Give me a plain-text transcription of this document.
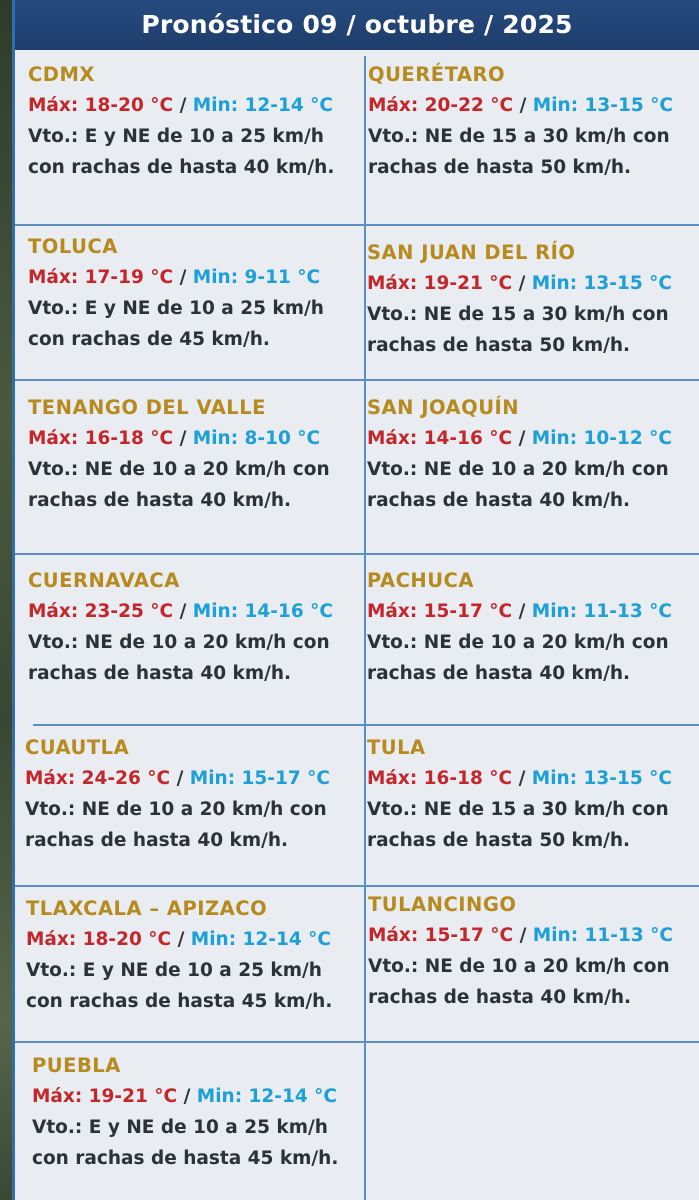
Pronóstico 09 / octubre / 2025
CDMX
Máx: 18-20 °C / Min: 12-14 °C
Vto.: E y NE de 10 a 25 km/h
con rachas de hasta 40 km/h.
QUERÉTARO
Máx: 20-22 °C / Min: 13-15 °C
Vto.: NE de 15 a 30 km/h con
rachas de hasta 50 km/h.
TOLUCA
Máx: 17-19 °C / Min: 9-11 °C
Vto.: E y NE de 10 a 25 km/h
con rachas de 45 km/h.
SAN JUAN DEL RÍO
Máx: 19-21 °C / Min: 13-15 °C
Vto.: NE de 15 a 30 km/h con
rachas de hasta 50 km/h.
TENANGO DEL VALLE
Máx: 16-18 °C / Min: 8-10 °C
Vto.: NE de 10 a 20 km/h con
rachas de hasta 40 km/h.
SAN JOAQUÍN
Máx: 14-16 °C / Min: 10-12 °C
Vto.: NE de 10 a 20 km/h con
rachas de hasta 40 km/h.
CUERNAVACA
Máx: 23-25 °C / Min: 14-16 °C
Vto.: NE de 10 a 20 km/h con
rachas de hasta 40 km/h.
PACHUCA
Máx: 15-17 °C / Min: 11-13 °C
Vto.: NE de 10 a 20 km/h con
rachas de hasta 40 km/h.
CUAUTLA
Máx: 24-26 °C / Min: 15-17 °C
Vto.: NE de 10 a 20 km/h con
rachas de hasta 40 km/h.
TULA
Máx: 16-18 °C / Min: 13-15 °C
Vto.: NE de 15 a 30 km/h con
rachas de hasta 50 km/h.
TLAXCALA – APIZACO
Máx: 18-20 °C / Min: 12-14 °C
Vto.: E y NE de 10 a 25 km/h
con rachas de hasta 45 km/h.
TULANCINGO
Máx: 15-17 °C / Min: 11-13 °C
Vto.: NE de 10 a 20 km/h con
rachas de hasta 40 km/h.
PUEBLA
Máx: 19-21 °C / Min: 12-14 °C
Vto.: E y NE de 10 a 25 km/h
con rachas de hasta 45 km/h.
